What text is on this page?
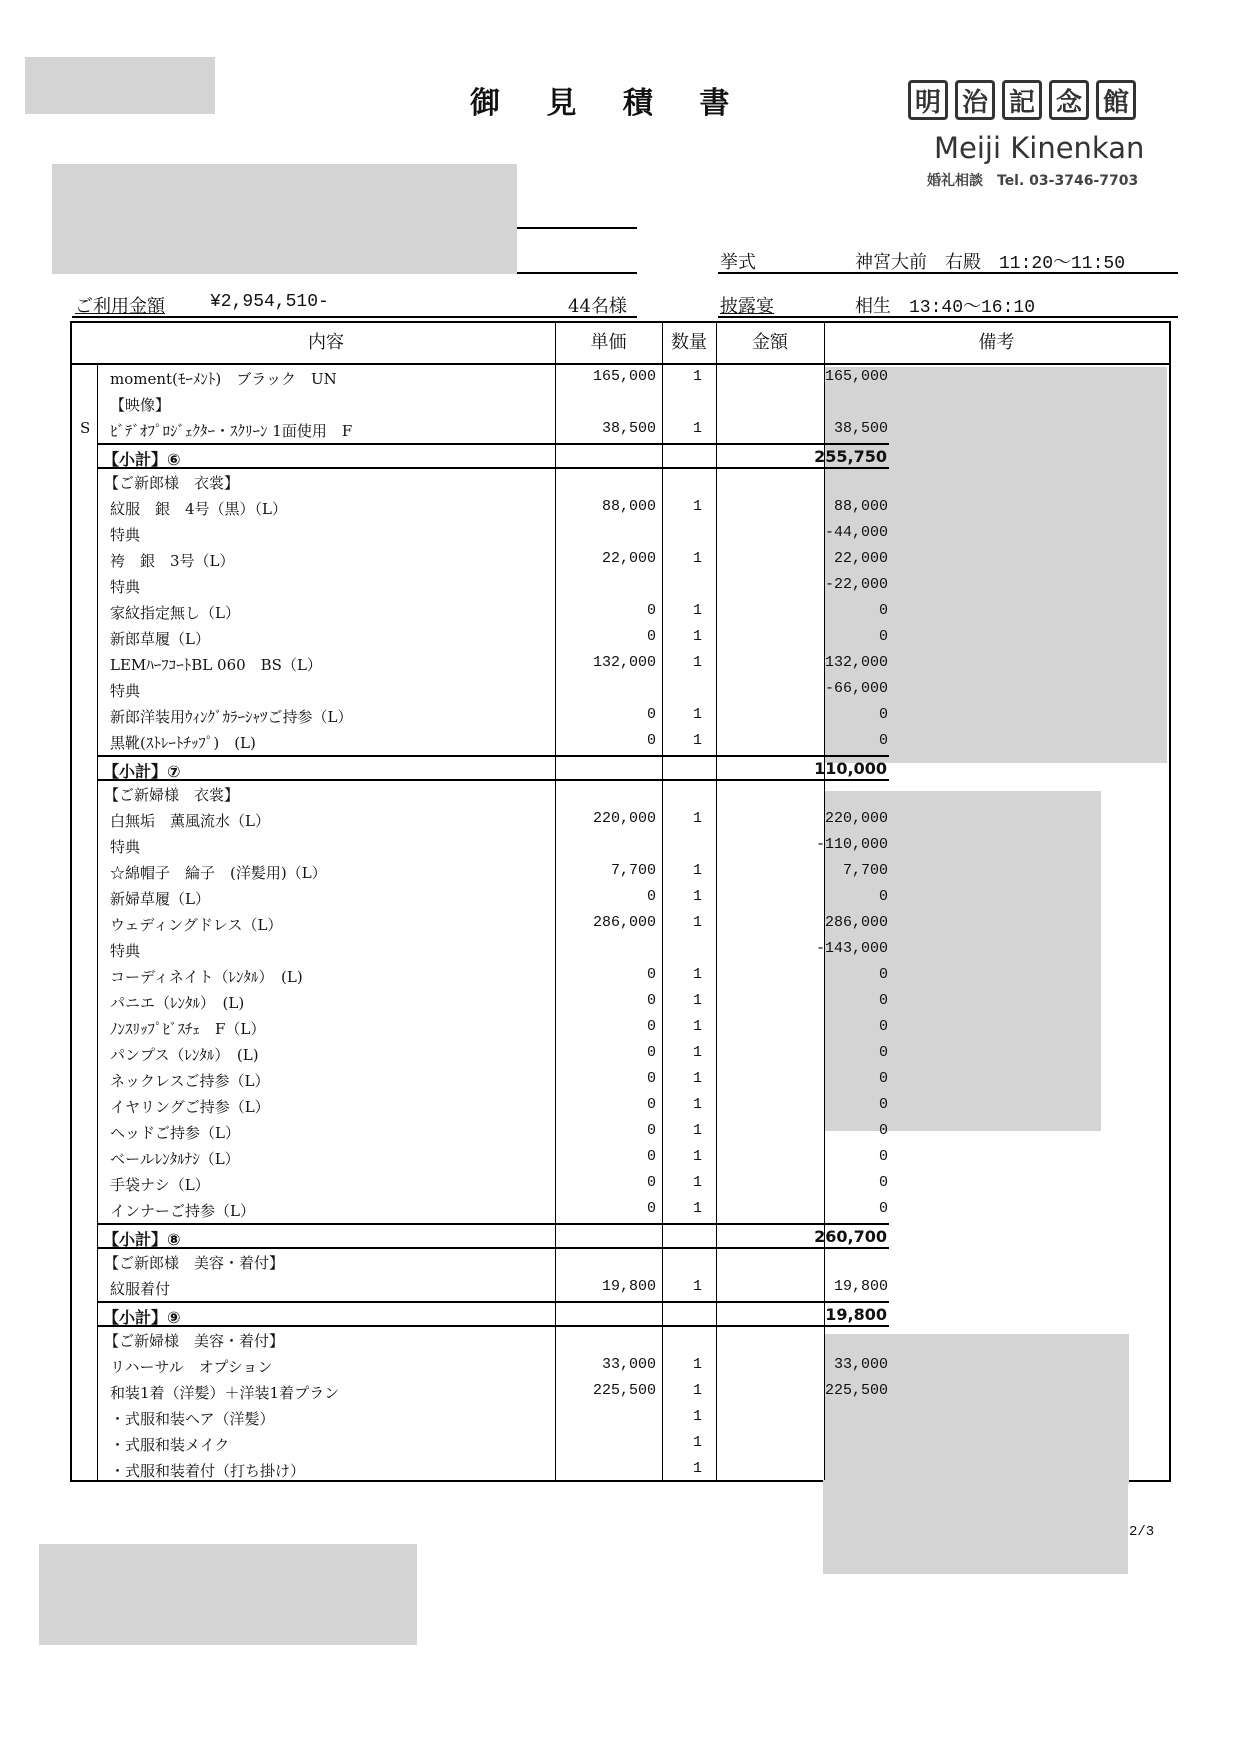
御 見 積 書	明 治 記 念 館
Meiji Kinenkan
婚礼相談　Tel. 03-3746-7703
挙式	神宮大前　右殿　11:20～11:50
ご利用金額	¥2,954,510-	44名様	披露宴	相生　13:40～16:10
内容	単価	数量	金額	備考
S
moment(ﾓｰﾒﾝﾄ)　ブラック　UN	165,000	1	165,000
【映像】
ﾋﾞﾃﾞｵﾌﾟﾛｼﾞｪｸﾀｰ・ｽｸﾘｰﾝ 1面使用　F	38,500	1	38,500
【小計】⑥	255,750
【ご新郎様　衣裳】
紋服　銀　4号（黒）（L）	88,000	1	88,000
特典	-44,000
袴　銀　3号（L）	22,000	1	22,000
特典	-22,000
家紋指定無し（L）	0	1	0
新郎草履（L）	0	1	0
LEMﾊｰﾌｺｰﾄBL 060　BS（L）	132,000	1	132,000
特典	-66,000
新郎洋装用ｳｨﾝｸﾞｶﾗｰｼｬﾂご持参（L）	0	1	0
黒靴(ｽﾄﾚｰﾄﾁｯﾌﾟ)　(L)	0	1	0
【小計】⑦	110,000
【ご新婦様　衣裳】
白無垢　薫風流水（L）	220,000	1	220,000
特典	-110,000
☆綿帽子　綸子　(洋髪用)（L）	7,700	1	7,700
新婦草履（L）	0	1	0
ウェディングドレス（L）	286,000	1	286,000
特典	-143,000
コーディネイト（ﾚﾝﾀﾙ）　(L)	0	1	0
パニエ（ﾚﾝﾀﾙ）　(L)	0	1	0
ﾉﾝｽﾘｯﾌﾟﾋﾞｽﾁｪ　F（L）	0	1	0
パンプス（ﾚﾝﾀﾙ）　(L)	0	1	0
ネックレスご持参（L）	0	1	0
イヤリングご持参（L）	0	1	0
ヘッドご持参（L）	0	1	0
ベールﾚﾝﾀﾙﾅｼ（L）	0	1	0
手袋ナシ（L）	0	1	0
インナーご持参（L）	0	1	0
【小計】⑧	260,700
【ご新郎様　美容・着付】
紋服着付	19,800	1	19,800
【小計】⑨	19,800
【ご新婦様　美容・着付】
リハーサル　オプション	33,000	1	33,000
和装1着（洋髪）＋洋装1着プラン	225,500	1	225,500
・式服和装ヘア（洋髪）	1
・式服和装メイク	1
・式服和装着付（打ち掛け）	1
2/3
